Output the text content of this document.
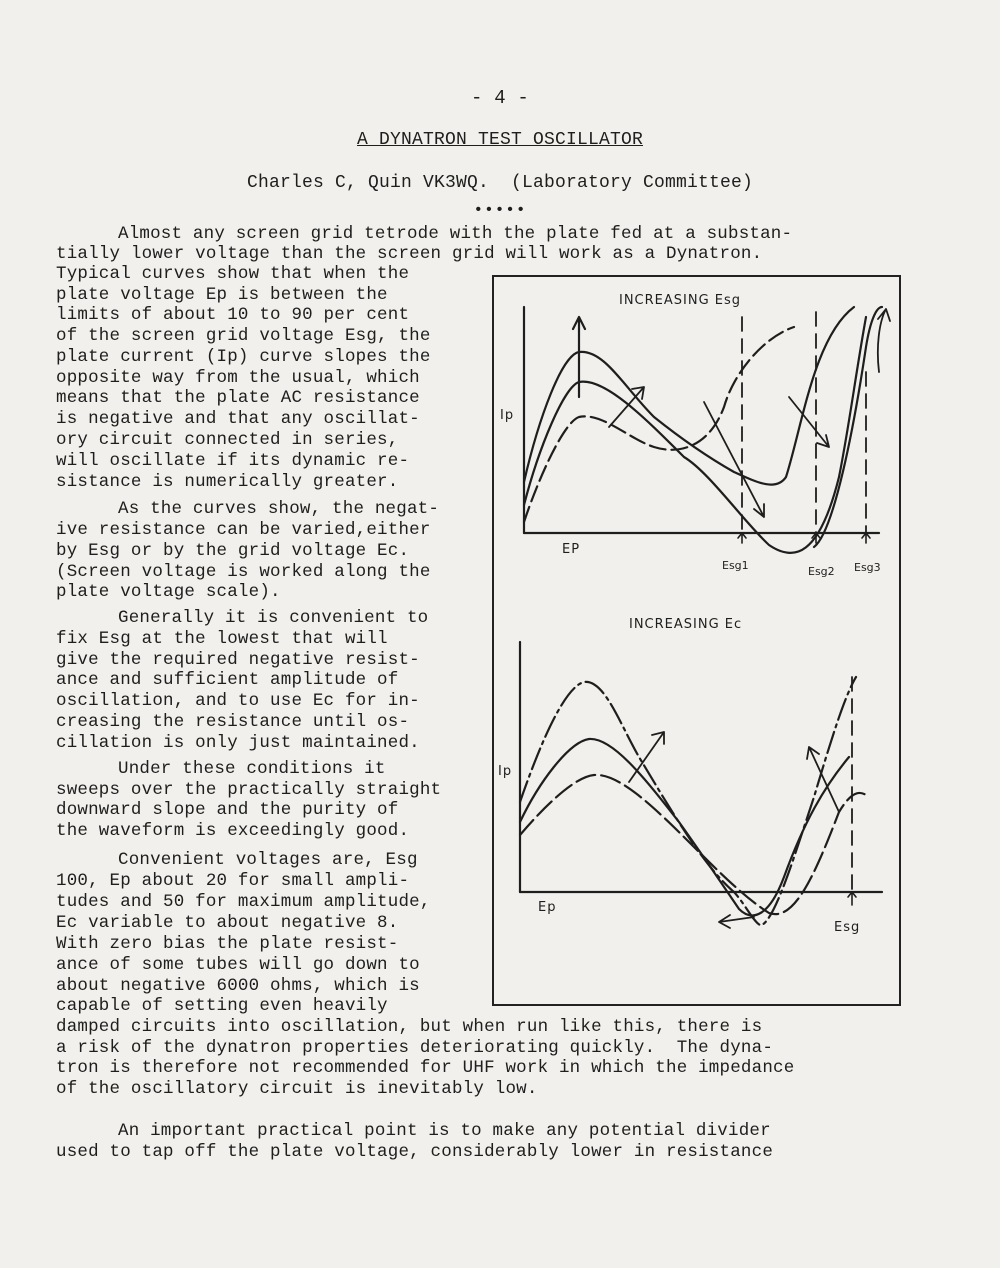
- 4 -

A DYNATRON TEST OSCILLATOR

Charles C, Quin VK3WQ.  (Laboratory Committee)

•••••

Almost any screen grid tetrode with the plate fed at a substan-

tially lower voltage than the screen grid will work as a Dynatron.

Typical curves show that when the

plate voltage Ep is between the

limits of about 10 to 90 per cent

of the screen grid voltage Esg, the

plate current (Ip) curve slopes the

opposite way from the usual, which

means that the plate AC resistance

is negative and that any oscillat-

ory circuit connected in series,

will oscillate if its dynamic re-

sistance is numerically greater.

As the curves show, the negat-

ive resistance can be varied,either

by Esg or by the grid voltage Ec.

(Screen voltage is worked along the

plate voltage scale).

Generally it is convenient to

fix Esg at the lowest that will

give the required negative resist-

ance and sufficient amplitude of

oscillation, and to use Ec for in-

creasing the resistance until os-

cillation is only just maintained.

Under these conditions it

sweeps over the practically straight

downward slope and the purity of

the waveform is exceedingly good.

Convenient voltages are, Esg

100, Ep about 20 for small ampli-

tudes and 50 for maximum amplitude,

Ec variable to about negative 8.

With zero bias the plate resist-

ance of some tubes will go down to

about negative 6000 ohms, which is

capable of setting even heavily

damped circuits into oscillation, but when run like this, there is

a risk of the dynatron properties deteriorating quickly.  The dyna-

tron is therefore not recommended for UHF work in which the impedance

of the oscillatory circuit is inevitably low.

An important practical point is to make any potential divider

used to tap off the plate voltage, considerably lower in resistance

INCREASING Esg
Ip
EP
Esg1	Esg2 Esg3
INCREASING Ec
Ip
Ep
Esg
